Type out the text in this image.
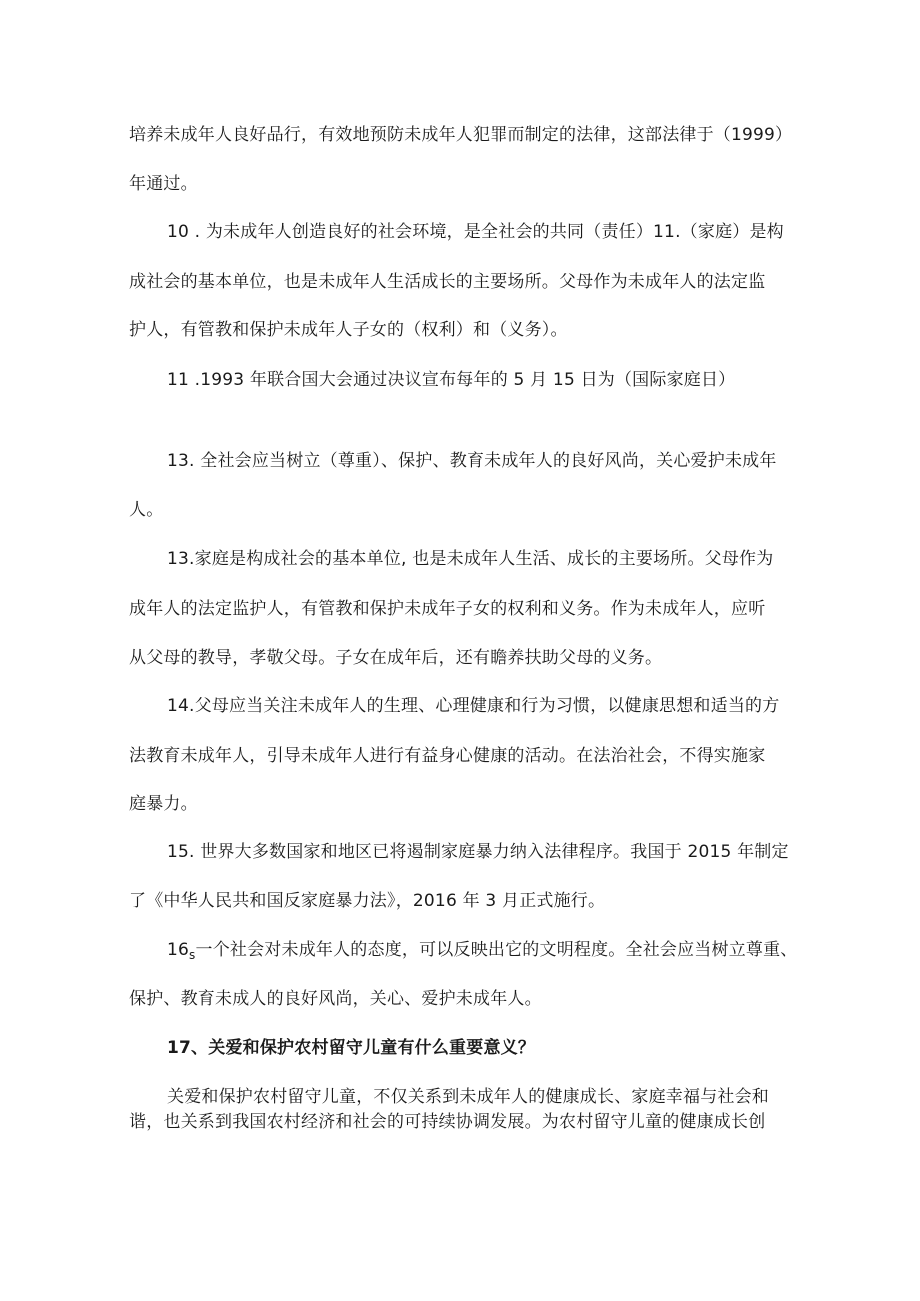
培养未成年人良好品行，有效地预防未成年人犯罪而制定的法律，这部法律于（1999）
年通过。
10 . 为未成年人创造良好的社会环境，是全社会的共同（责任）11.（家庭）是构
成社会的基本单位，也是未成年人生活成长的主要场所。父母作为未成年人的法定监
护人，有管教和保护未成年人子女的（权利）和（义务）。
11 .1993 年联合国大会通过决议宣布每年的 5 月 15 日为（国际家庭日）
13. 全社会应当树立（尊重）、保护、教育未成年人的良好风尚，关心爱护未成年
人。
13.家庭是构成社会的基本单位, 也是未成年人生活、成长的主要场所。父母作为
成年人的法定监护人，有管教和保护未成年子女的权利和义务。作为未成年人，应听
从父母的教导，孝敬父母。子女在成年后，还有瞻养扶助父母的义务。
14.父母应当关注未成年人的生理、心理健康和行为习惯，以健康思想和适当的方
法教育未成年人，引导未成年人进行有益身心健康的活动。在法治社会，不得实施家
庭暴力。
15. 世界大多数国家和地区已将遏制家庭暴力纳入法律程序。我国于 2015 年制定
了《中华人民共和国反家庭暴力法》，2016 年 3 月正式施行。
$16_s$一个社会对未成年人的态度，可以反映出它的文明程度。全社会应当树立尊重、
保护、教育未成人的良好风尚，关心、爱护未成年人。
17、关爱和保护农村留守儿童有什么重要意义？
关爱和保护农村留守儿童，不仅关系到未成年人的健康成长、家庭幸福与社会和
谐，也关系到我国农村经济和社会的可持续协调发展。为农村留守儿童的健康成长创
